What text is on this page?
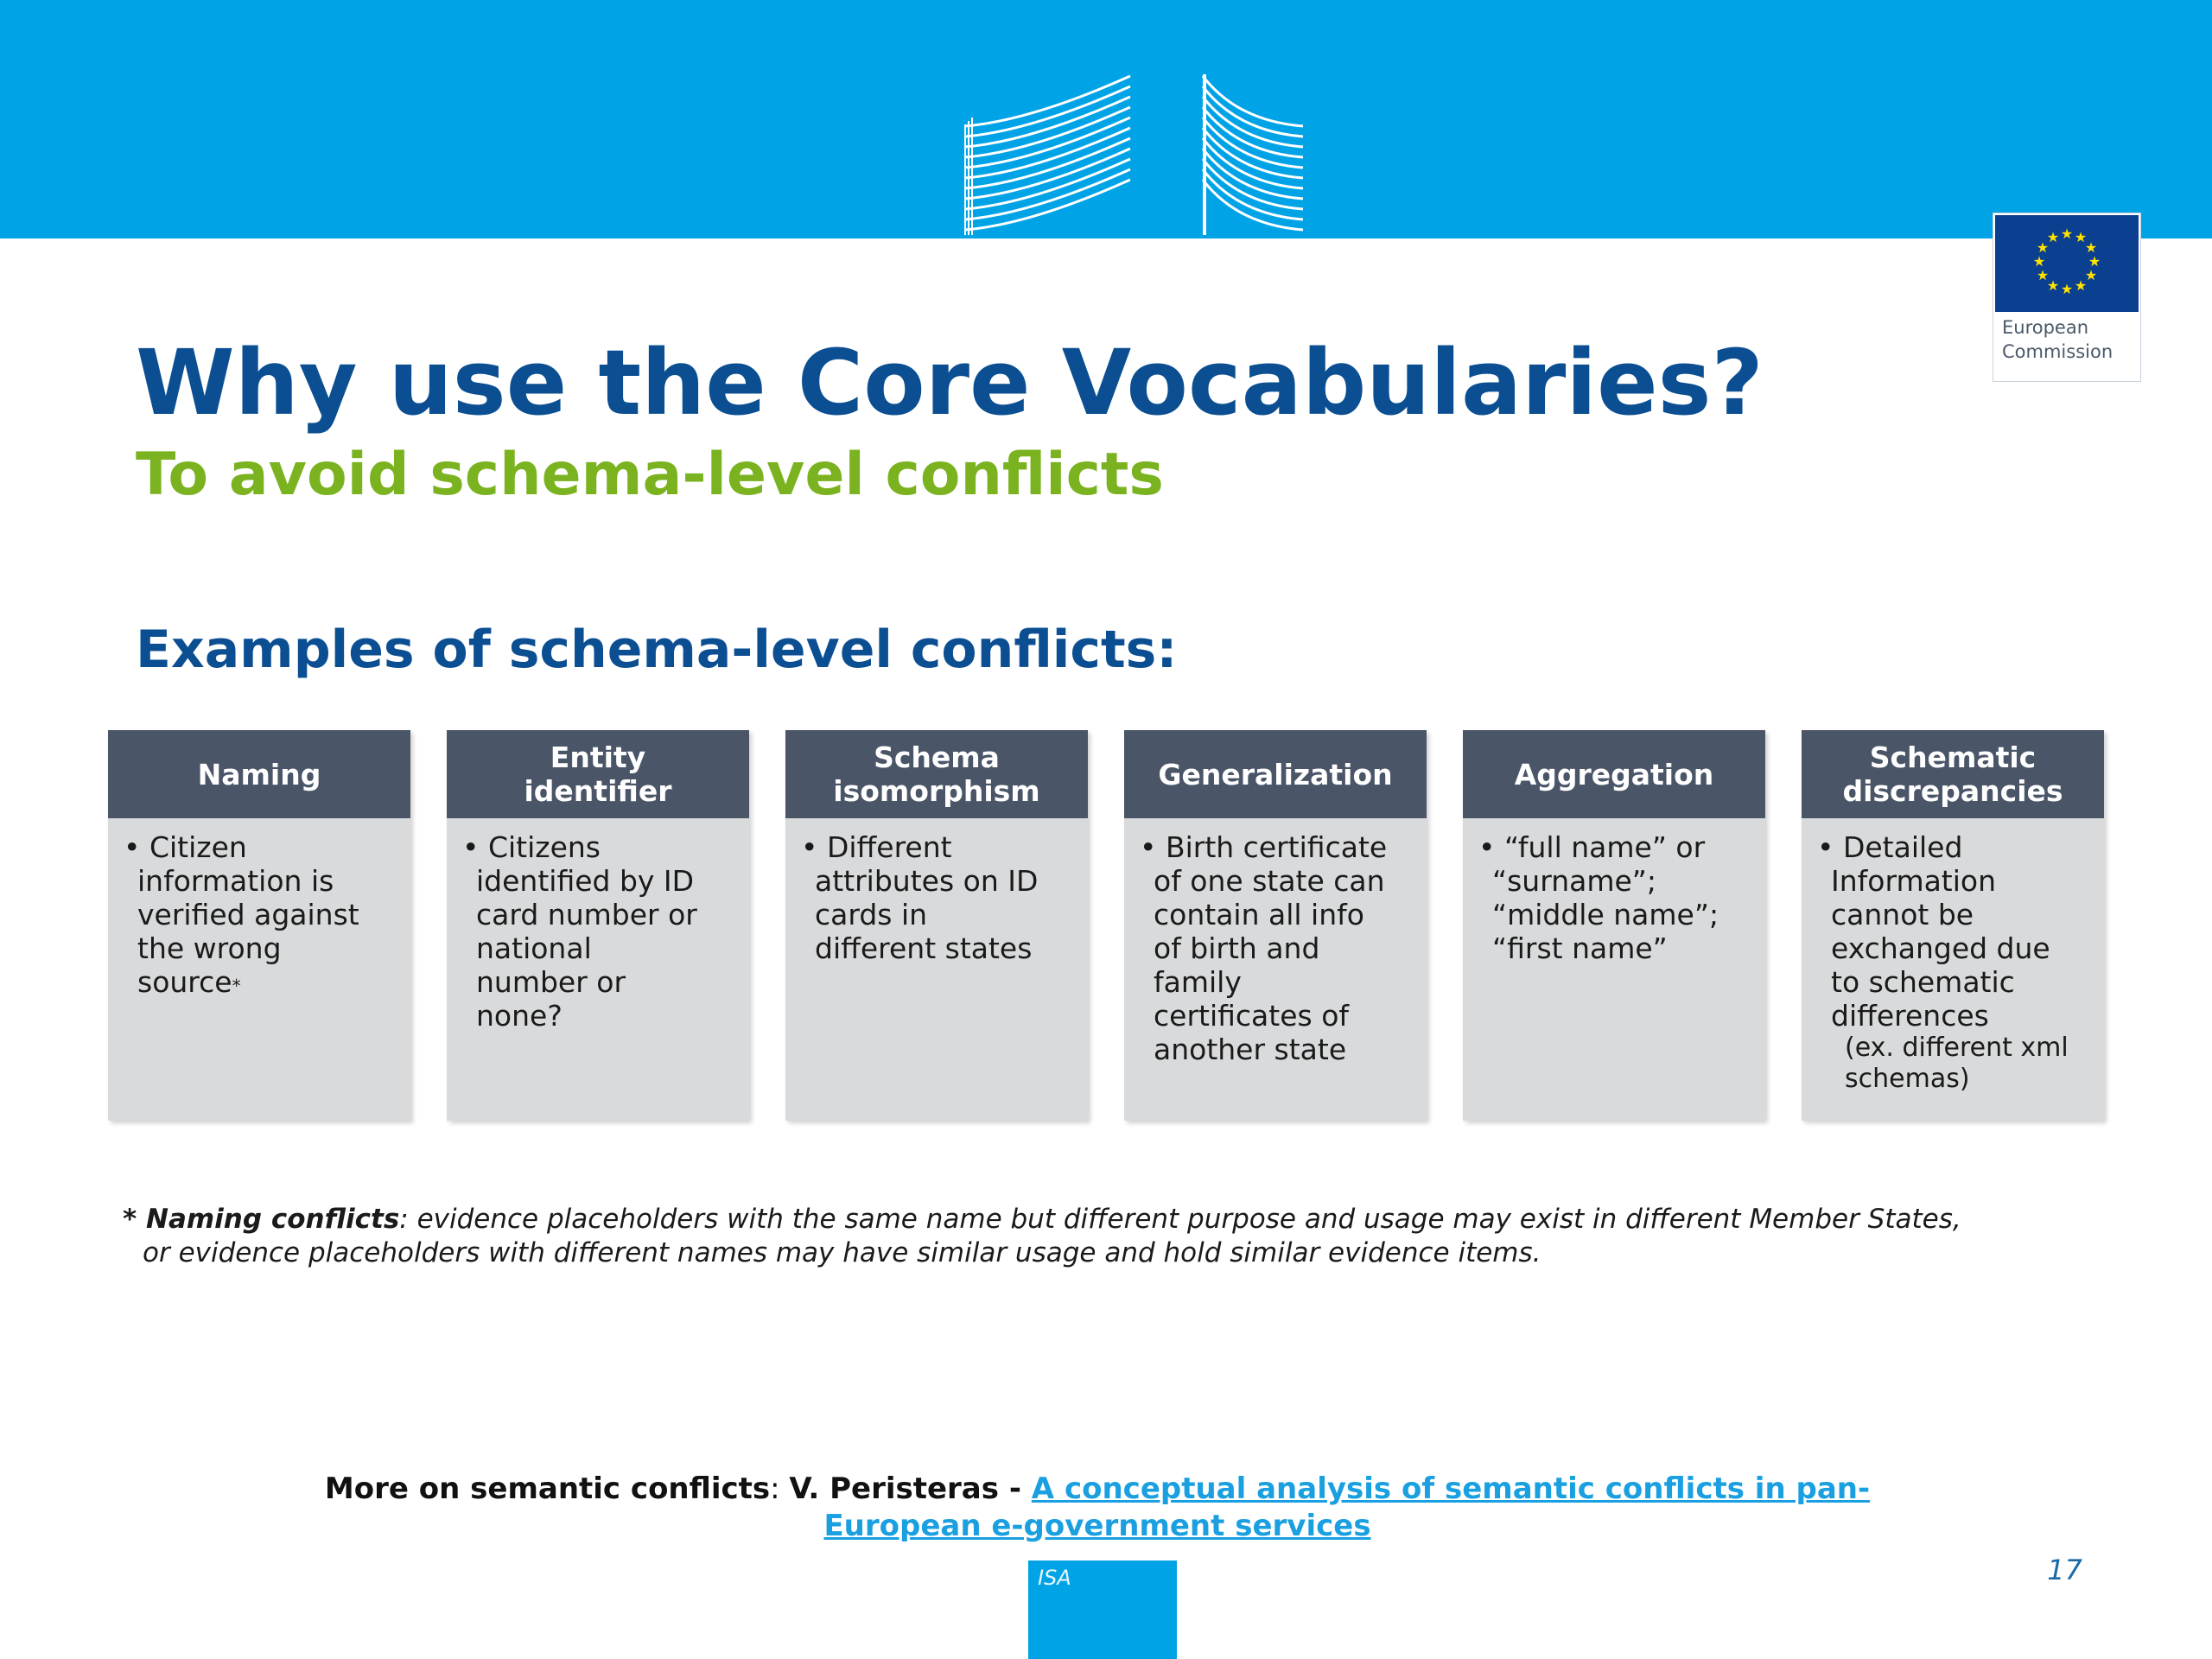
★ ★
★
★
★
★
★
★
★
★
★
★
European
Commission
Why use the Core Vocabularies?
To avoid schema-level conflicts
Examples of schema-level conflicts:
Naming

• Citizen
information is
verified against
the wrong
source*

Entity
identifier

• Citizens
identified by ID
card number or
national
number or
none?

Schema
isomorphism

• Different
attributes on ID
cards in
different states

Generalization

• Birth certificate
of one state can
contain all info
of birth and
family
certificates of
another state

Aggregation

• “full name” or
“surname”;
“middle name”;
“first name”

Schematic
discrepancies

• Detailed
Information
cannot be
exchanged due
to schematic
differences
(ex. different xml
schemas)

* Naming conflicts: evidence placeholders with the same name but different purpose and usage may exist in different Member States,
or evidence placeholders with different names may have similar usage and hold similar evidence items.

More on semantic conflicts: V. Peristeras - A conceptual analysis of semantic conflicts in pan-European e-government services

ISA	17
